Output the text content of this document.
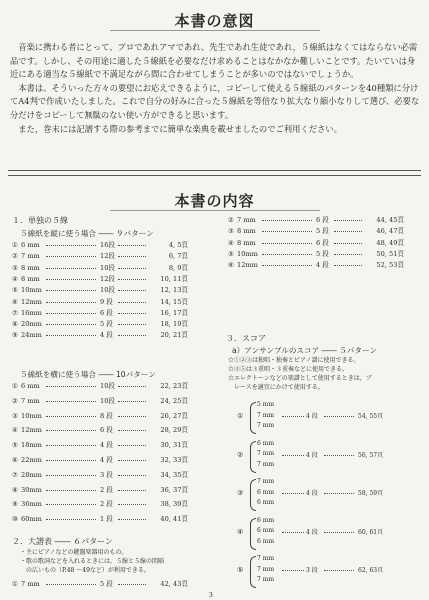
本書の意図

音楽に携わる者にとって、プロであれアマであれ、先生であれ生徒であれ，５線紙はなくてはならない必需品です。しかし、その用途に適した５線紙を必要なだけ求めることはなかなか難しいことです。たいていは身近にある適当な５線紙で不満足ながら間に合わせてしまうことが多いのではないでしょうか。

本書は、そういった方々の要望にお応えできるように，コピーして使える５線紙のパターンを40種類に分けてA4判で作成いたしました。これで自分の好みに合った５線紙を等倍なり拡大なり縮小なりして選び、必要な分だけをコピーして無駄のない使い方ができると思います。

また，巻末には記譜する際の参考までに簡単な楽典を載せましたのでご利用ください。

本書の内容
１．単独の５線
５線紙を縦に使う場合 ―― ９パターン
① 6 mm	16段	4, 5頁
② 7 mm	12段	6, 7頁
③ 8 mm	10段	8, 9頁
④ 8 mm	12段	10, 11頁
⑤ 10mm	10段	12, 13頁
⑥ 12mm	9 段	14, 15頁
⑦ 16mm	6 段	16, 17頁
⑧ 20mm	5 段	18, 19頁
⑨ 24mm	4 段	20, 21頁
５線紙を横に使う場合 ―― 10パターン
① 6 mm	10段	22, 23頁
② 7 mm	10段	24, 25頁
③ 10mm	8 段	26, 27頁
④ 12mm	6 段	28, 29頁
⑤ 18mm	4 段	30, 31頁
⑥ 22mm	4 段	32, 33頁
⑦ 28mm	3 段	34, 35頁
⑧ 30mm	2 段	36, 37頁
⑨ 36mm	2 段	38, 39頁
⑩ 60mm	1 段	40, 41頁
２．大譜表 ―― ６パターン
・主にピアノなどの鍵盤楽器用のもの。
・歌の歌詞などを入れるときには，５線と５線の間隔
　の広いもの（P.48 ～49など）が利用できる。
① 7 mm	5 段	42, 43頁
② 7 mm	6 段	44, 45頁
③ 8 mm	5 段	46, 47頁
④ 8 mm	6 段	48, 49頁
⑤ 10mm	5 段	50, 51頁
⑥ 12mm	4 段	52, 53頁
３．スコア
a）アンサンブルのスコア ―― ５パターン
☆①②③は独唱・独奏とピアノ譜に使用できる。
☆④⑤は３重唱・３重奏などに使用できる。
☆エレクトーンなどの楽譜として使用するときは，ブ
　レースを適宜にかけて使用する。
①
5 mm
7 mm
7 mm
4 段	54, 55頁
②
6 mm
7 mm
7 mm
4 段	56, 57頁
③
7 mm
6 mm
6 mm
4 段	58, 59頁
④
6 mm
6 mm
6 mm
4 段	60, 61頁
⑤
7 mm
7 mm
7 mm
3 段	62, 63頁
3
